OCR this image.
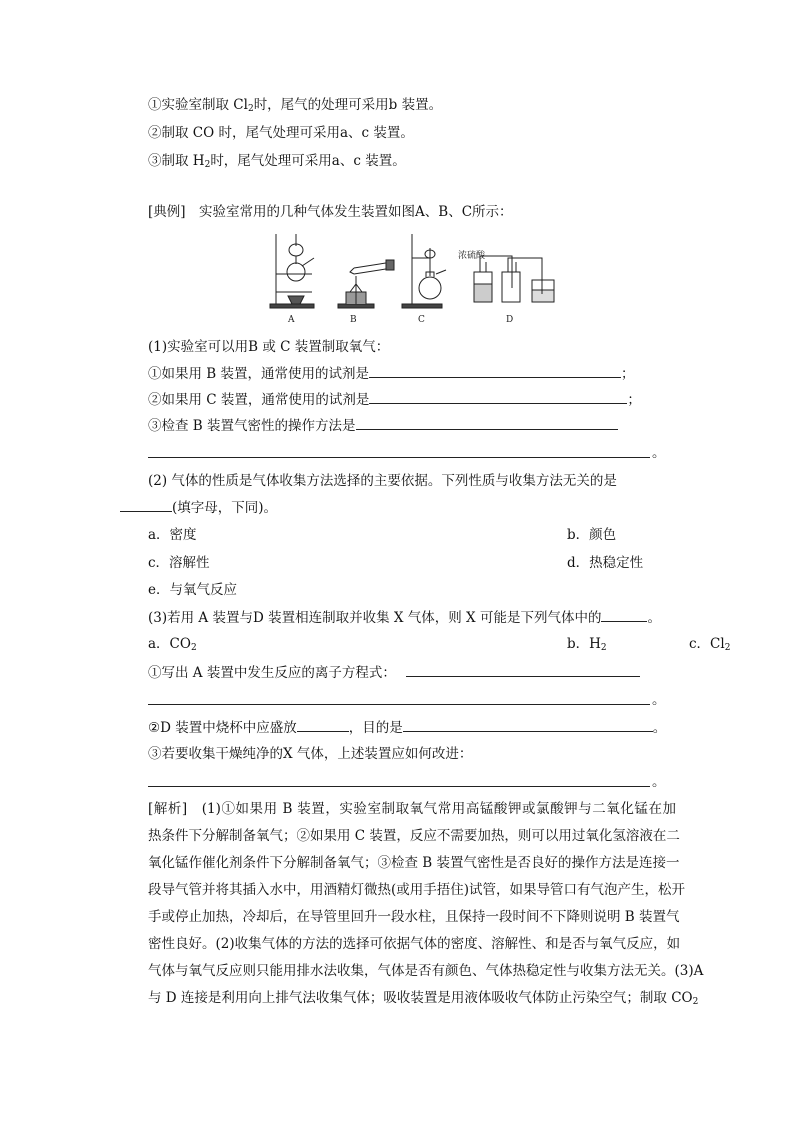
①实验室制取 $Cl_2$时，尾气的处理可采用b 装置。
②制取 CO 时，尾气处理可采用a、c 装置。
③制取 $H_2$时，尾气处理可采用a、c 装置。
[典例]　 实验室常用的几种气体发生装置如图A、B、C所示：
浓硫酸
A	B	C	D
(1)实验室可以用B 或 C 装置制取氧气：
①如果用 B 装置，通常使用的试剂是	；
②如果用 C 装置，通常使用的试剂是	；
③检查 B 装置气密性的操作方法是
。
(2) 气体的性质是气体收集方法选择的主要依据。下列性质与收集方法无关的是
(填字母，下同)。
a．密度	b．颜色
c．溶解性	d．热稳定性
e．与氧气反应
(3)若用 A 装置与D 装置相连制取并收集 X 气体，则 X 可能是下列气体中的	。
a．$CO_2$	b．$H_2$	c．$Cl_2$
①写出 A 装置中发生反应的离子方程式：
。
②D 装置中烧杯中应盛放	，目的是	。
③若要收集干燥纯净的X 气体，上述装置应如何改进：
。
[解析]　(1)①如果用 B 装置，实验室制取氧气常用高锰酸钾或氯酸钾与二氧化锰在加
热条件下分解制备氧气；②如果用 C 装置，反应不需要加热，则可以用过氧化氢溶液在二
氧化锰作催化剂条件下分解制备氧气；③检查 B 装置气密性是否良好的操作方法是连接一
段导气管并将其插入水中，用酒精灯微热(或用手捂住)试管，如果导管口有气泡产生，松开
手或停止加热，冷却后，在导管里回升一段水柱，且保持一段时间不下降则说明 B 装置气
密性良好。(2)收集气体的方法的选择可依据气体的密度、溶解性、和是否与氧气反应，如
气体与氧气反应则只能用排水法收集，气体是否有颜色、气体热稳定性与收集方法无关。(3)A
与 D 连接是利用向上排气法收集气体；吸收装置是用液体吸收气体防止污染空气；制取 $CO_2$
